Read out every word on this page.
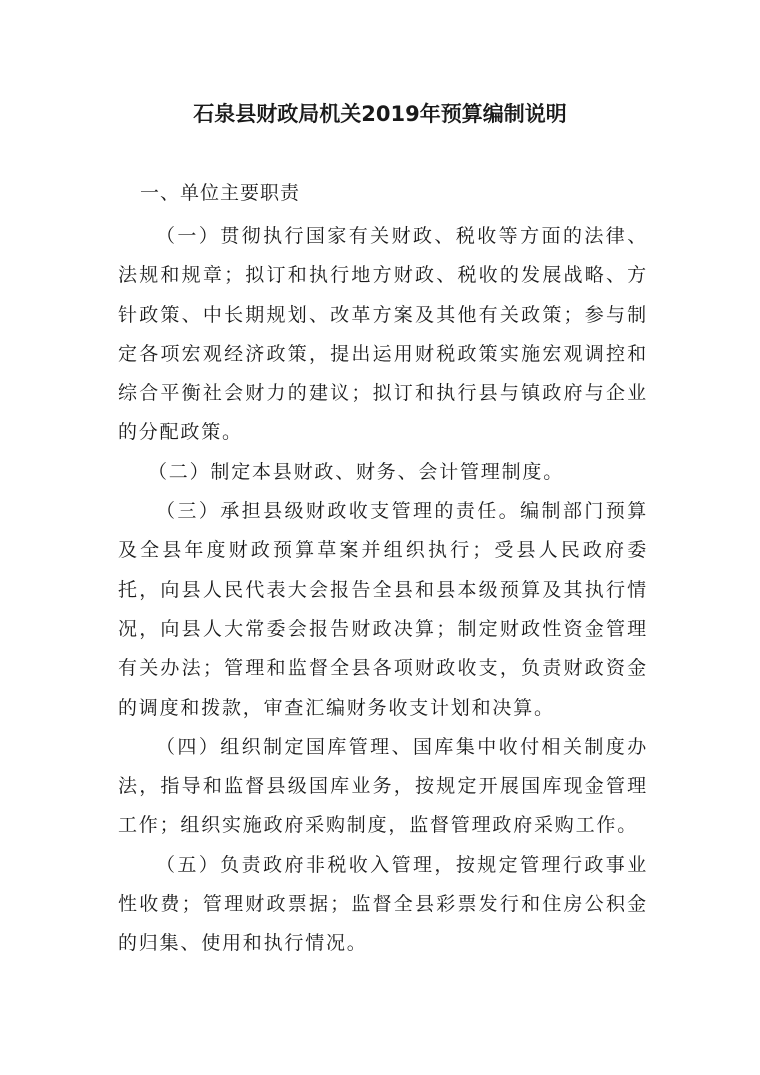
石泉县财政局机关2019年预算编制说明
一、单位主要职责

（一）贯彻执行国家有关财政、税收等方面的法律、法规和规章；拟订和执行地方财政、税收的发展战略、方针政策、中长期规划、改革方案及其他有关政策；参与制定各项宏观经济政策，提出运用财税政策实施宏观调控和综合平衡社会财力的建议；拟订和执行县与镇政府与企业的分配政策。

（二）制定本县财政、财务、会计管理制度。

（三）承担县级财政收支管理的责任。编制部门预算及全县年度财政预算草案并组织执行；受县人民政府委托，向县人民代表大会报告全县和县本级预算及其执行情况，向县人大常委会报告财政决算；制定财政性资金管理有关办法；管理和监督全县各项财政收支，负责财政资金的调度和拨款，审查汇编财务收支计划和决算。

（四）组织制定国库管理、国库集中收付相关制度办法，指导和监督县级国库业务，按规定开展国库现金管理工作；组织实施政府采购制度，监督管理政府采购工作。

（五）负责政府非税收入管理，按规定管理行政事业性收费；管理财政票据；监督全县彩票发行和住房公积金的归集、使用和执行情况。
